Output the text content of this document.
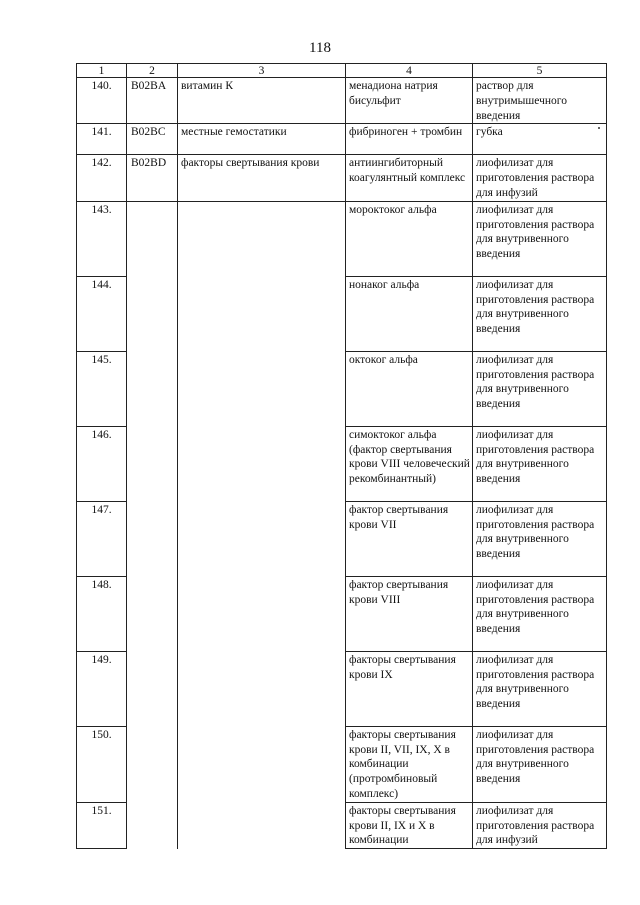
118
1	2	3	4	5
140.	B02BA	витамин К	менадиона натрия бисульфит	раствор для внутримышечного введения
141.	B02BC	местные гемостатики	фибриноген + тромбин	губка
142.	B02BD	факторы свертывания крови	антиингибиторный коагулянтный комплекс	лиофилизат для приготовления раствора для инфузий
143.			мороктоког альфа	лиофилизат для приготовления раствора для внутривенного введения
144.			нонаког альфа	лиофилизат для приготовления раствора для внутривенного введения
145.			октоког альфа	лиофилизат для приготовления раствора для внутривенного введения
146.			симоктоког альфа (фактор свертывания крови VIII человеческий рекомбинантный)	лиофилизат для приготовления раствора для внутривенного введения
147.			фактор свертывания крови VII	лиофилизат для приготовления раствора для внутривенного введения
148.			фактор свертывания крови VIII	лиофилизат для приготовления раствора для внутривенного введения
149.			факторы свертывания крови IX	лиофилизат для приготовления раствора для внутривенного введения
150.			факторы свертывания крови II, VII, IX, X в комбинации (протромбиновый комплекс)	лиофилизат для приготовления раствора для внутривенного введения
151.			факторы свертывания крови II, IX и X в комбинации	лиофилизат для приготовления раствора для инфузий
